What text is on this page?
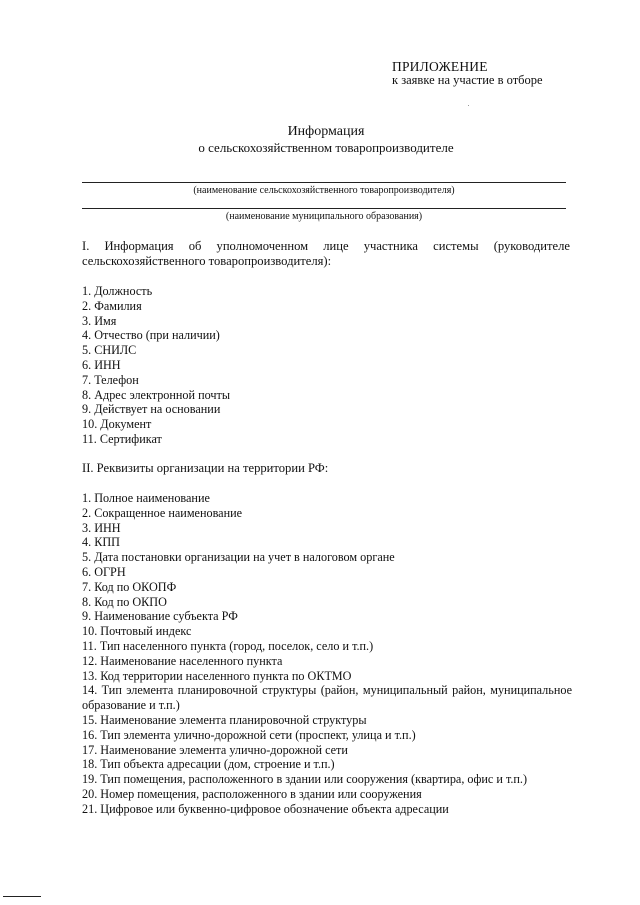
ПРИЛОЖЕНИЕ
к заявке на участие в отборе
Информация
о сельскохозяйственном товаропроизводителе
(наименование сельскохозяйственного товаропроизводителя)
(наименование муниципального образования)
I. Информация об уполномоченном лице участника системы (руководителе сельскохозяйственного товаропроизводителя):
1. Должность
2. Фамилия
3. Имя
4. Отчество (при наличии)
5. СНИЛС
6. ИНН
7. Телефон
8. Адрес электронной почты
9. Действует на основании
10. Документ
11. Сертификат
II. Реквизиты организации на территории РФ:
1. Полное наименование
2. Сокращенное наименование
3. ИНН
4. КПП
5. Дата постановки организации на учет в налоговом органе
6. ОГРН
7. Код по ОКОПФ
8. Код по ОКПО
9. Наименование субъекта РФ
10. Почтовый индекс
11. Тип населенного пункта (город, поселок, село и т.п.)
12. Наименование населенного пункта
13. Код территории населенного пункта по ОКТМО
14. Тип элемента планировочной структуры (район, муниципальный район, муниципальное образование и т.п.)
15. Наименование элемента планировочной структуры
16. Тип элемента улично-дорожной сети (проспект, улица и т.п.)
17. Наименование элемента улично-дорожной сети
18. Тип объекта адресации (дом, строение и т.п.)
19. Тип помещения, расположенного в здании или сооружения (квартира, офис и т.п.)
20. Номер помещения, расположенного в здании или сооружения
21. Цифровое или буквенно-цифровое обозначение объекта адресации
